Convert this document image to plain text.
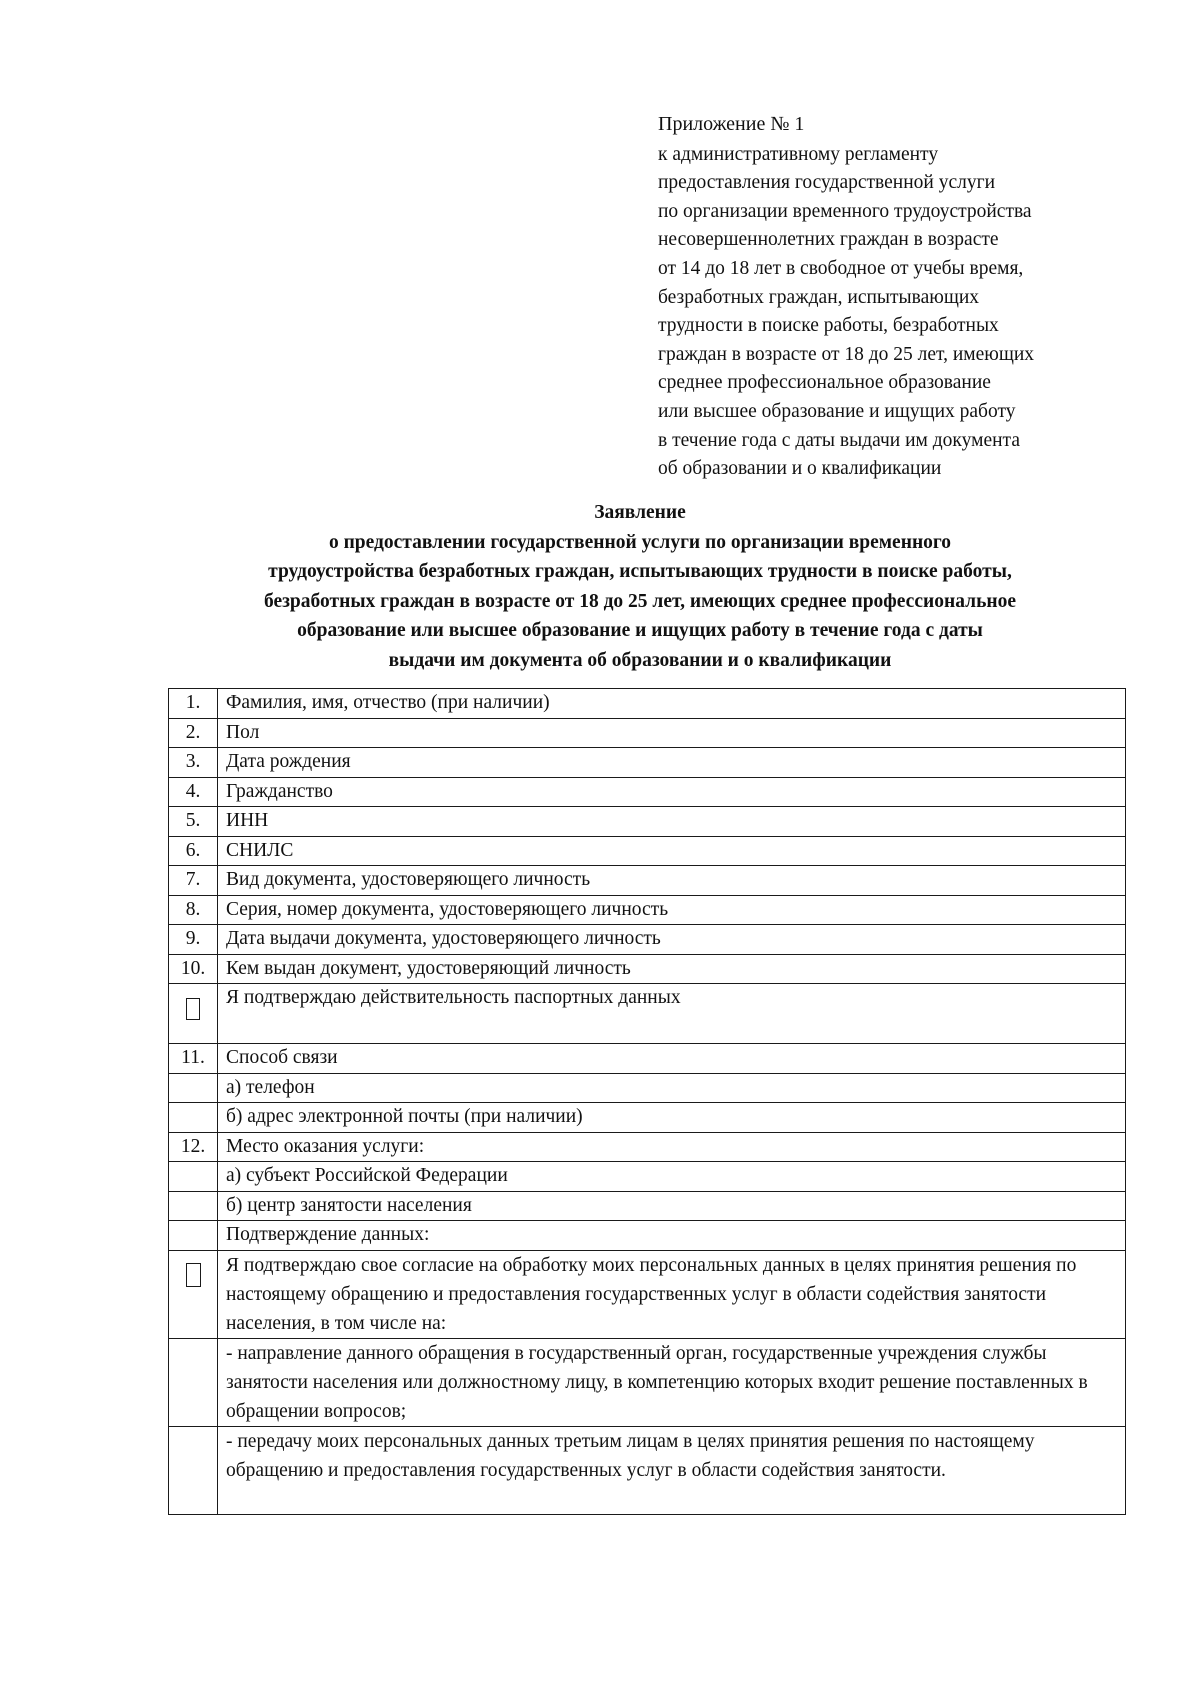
Приложение № 1
к административному регламенту
предоставления государственной услуги
по организации временного трудоустройства
несовершеннолетних граждан в возрасте
от 14 до 18 лет в свободное от учебы время,
безработных граждан, испытывающих
трудности в поиске работы, безработных
граждан в возрасте от 18 до 25 лет, имеющих
среднее профессиональное образование
или высшее образование и ищущих работу
в течение года с даты выдачи им документа
об образовании и о квалификации
Заявление
о предоставлении государственной услуги по организации временного
трудоустройства безработных граждан, испытывающих трудности в поиске работы,
безработных граждан в возрасте от 18 до 25 лет, имеющих среднее профессиональное
образование или высшее образование и ищущих работу в течение года с даты
выдачи им документа об образовании и о квалификации
1.	Фамилия, имя, отчество (при наличии)
2.	Пол
3.	Дата рождения
4.	Гражданство
5.	ИНН
6.	СНИЛС
7.	Вид документа, удостоверяющего личность
8.	Серия, номер документа, удостоверяющего личность
9.	Дата выдачи документа, удостоверяющего личность
10.	Кем выдан документ, удостоверяющий личность
	Я подтверждаю действительность паспортных данных
11.	Способ связи
	а) телефон
	б) адрес электронной почты (при наличии)
12.	Место оказания услуги:
	а) субъект Российской Федерации
	б) центр занятости населения
	Подтверждение данных:

	Я подтверждаю свое согласие на обработку моих персональных данных в целях принятия решения по настоящему обращению и предоставления государственных услуг в области содействия занятости населения, в том числе на:

	- направление данного обращения в государственный орган, государственные учреждения службы занятости населения или должностному лицу, в компетенцию которых входит решение поставленных в обращении вопросов;

	- передачу моих персональных данных третьим лицам в целях принятия решения по настоящему обращению и предоставления государственных услуг в области содействия занятости.
